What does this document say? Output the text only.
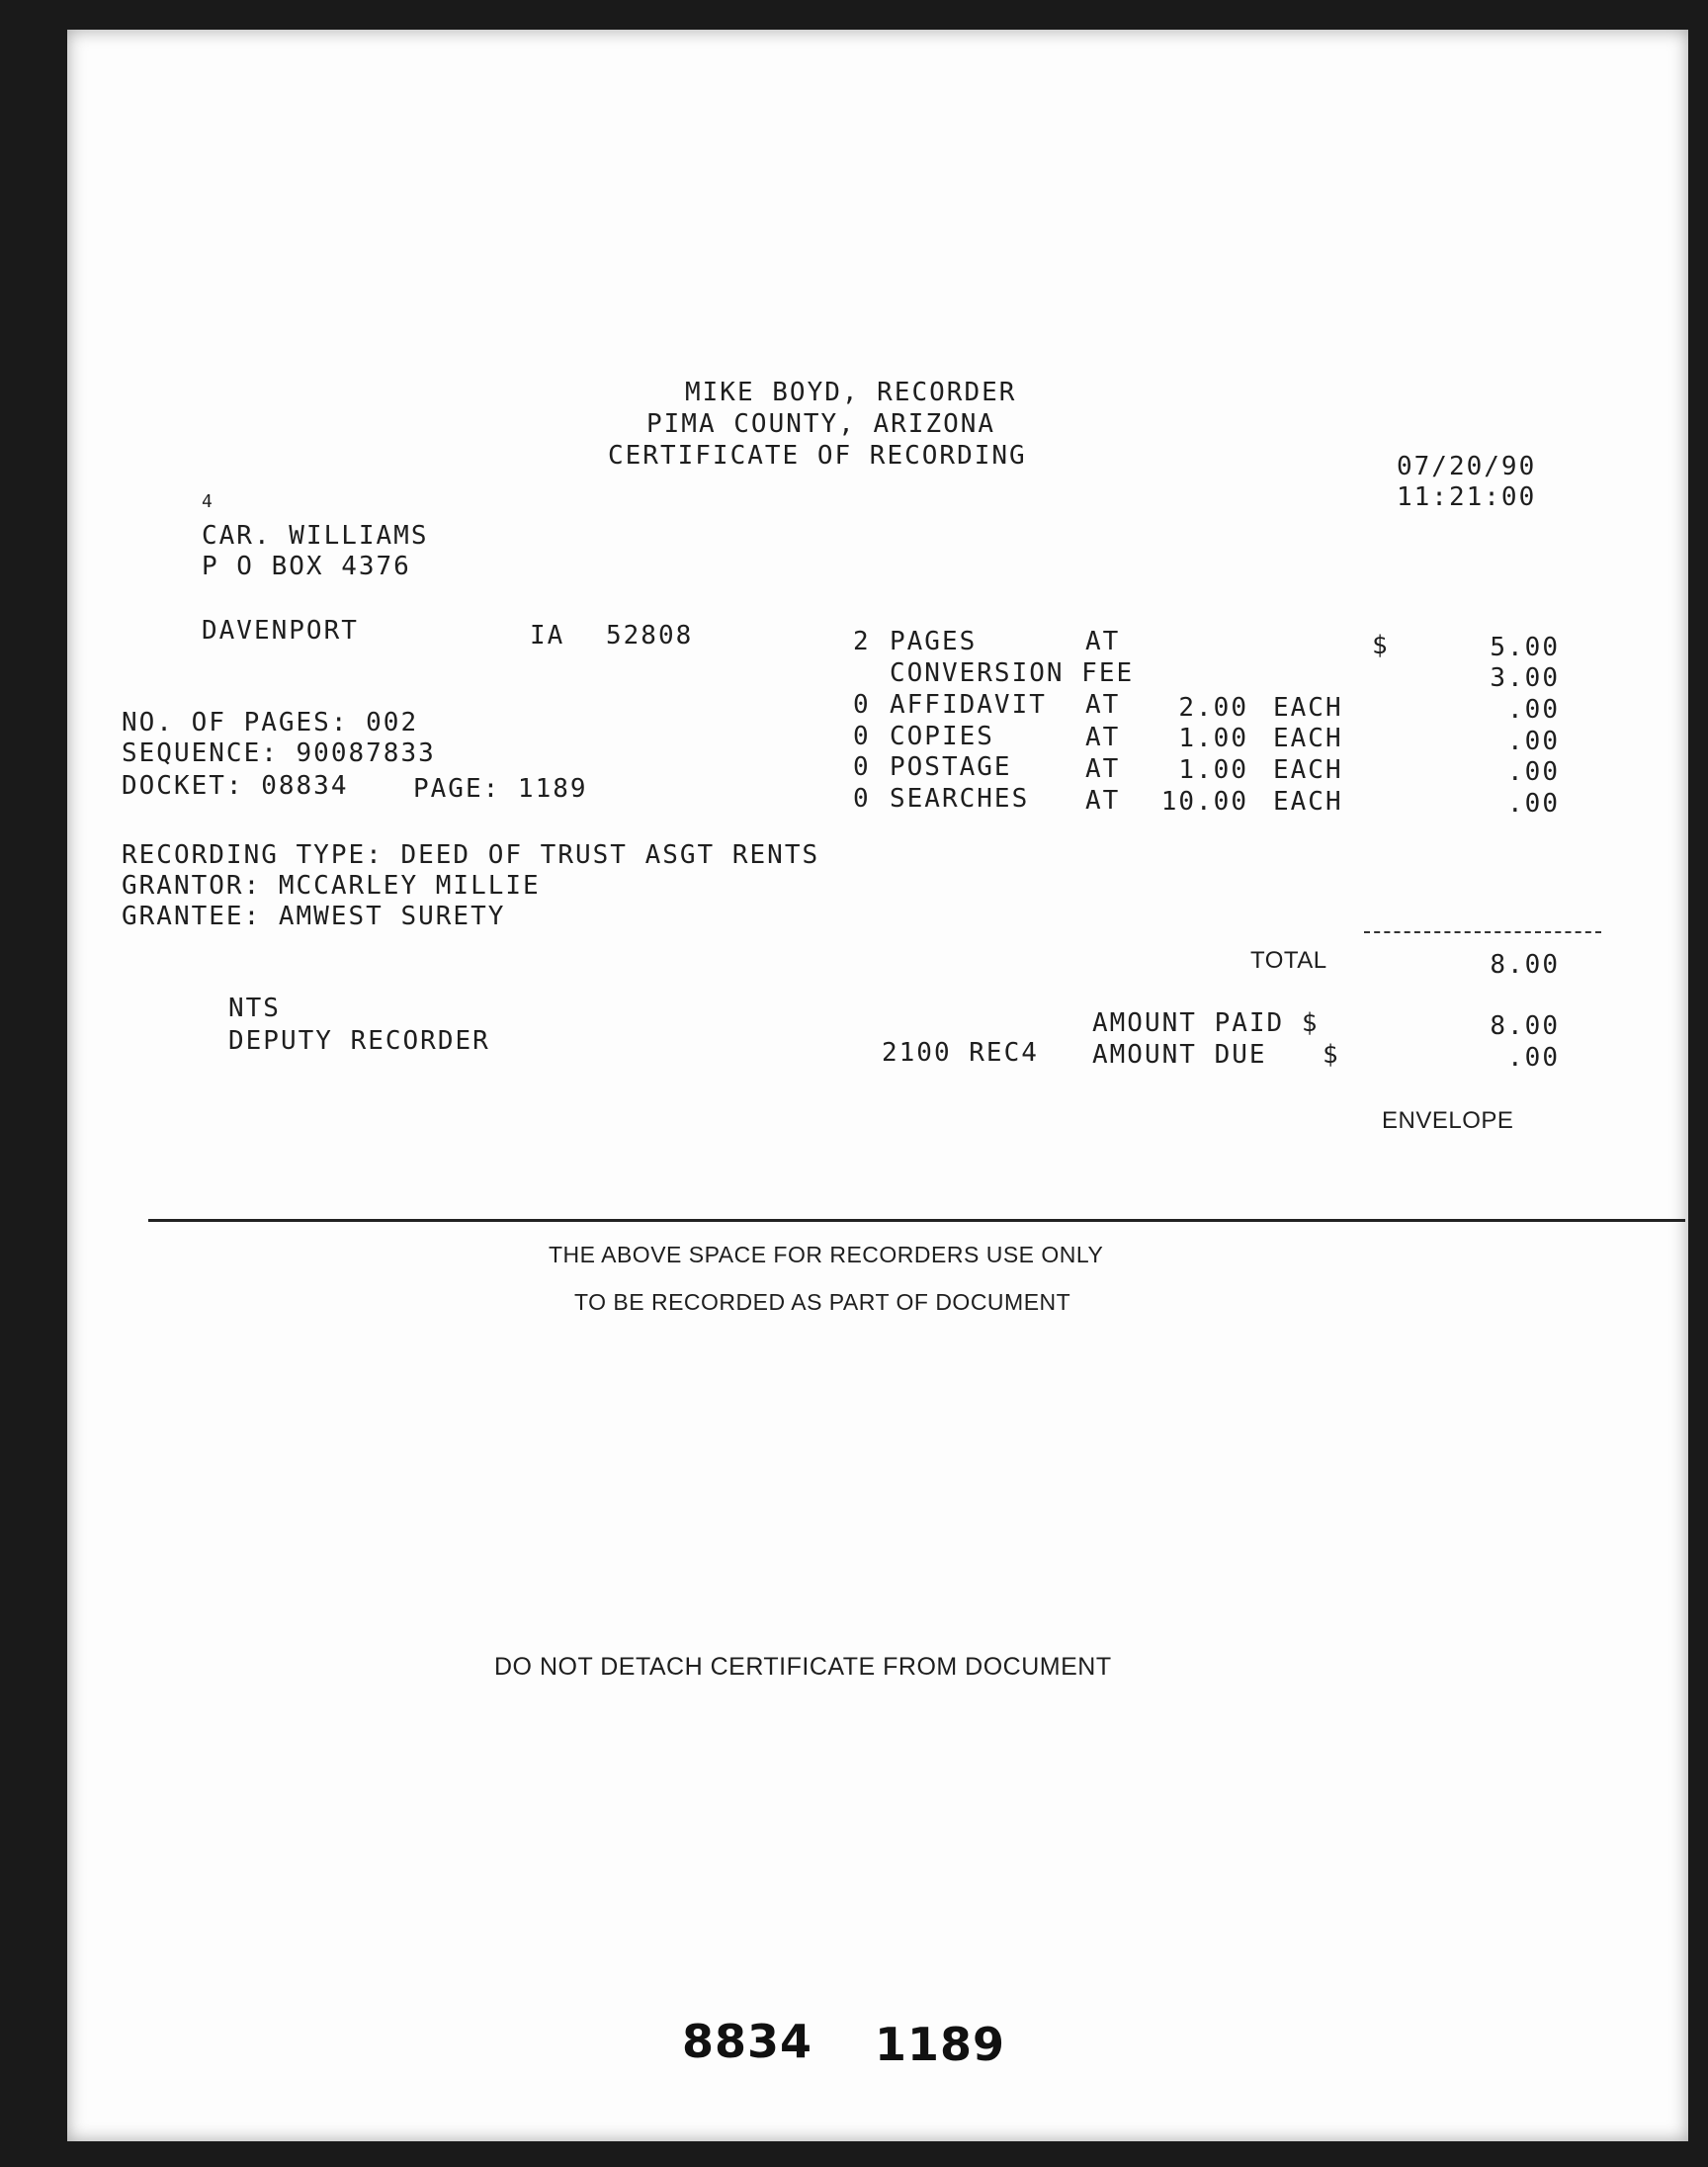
MIKE BOYD, RECORDER
PIMA COUNTY, ARIZONA
CERTIFICATE OF RECORDING	07/20/90
11:21:00
4
CAR. WILLIAMS
P O BOX 4376
DAVENPORT	IA 52808
NO. OF PAGES: 002
SEQUENCE: 90087833
DOCKET: 08834	PAGE: 1189
2 PAGES	AT	$	5.00
CONVERSION FEE	3.00
0 AFFIDAVIT AT	2.00 EACH	.00
0 COPIES	AT	1.00 EACH	.00
0 POSTAGE	AT	1.00 EACH	.00
0 SEARCHES AT	10.00 EACH	.00
RECORDING TYPE: DEED OF TRUST ASGT RENTS
GRANTOR: MCCARLEY MILLIE
GRANTEE: AMWEST SURETY
TOTAL	8.00
NTS
DEPUTY RECORDER
AMOUNT PAID $	8.00
2100 REC4 AMOUNT DUE $	.00
ENVELOPE
THE ABOVE SPACE FOR RECORDERS USE ONLY
TO BE RECORDED AS PART OF DOCUMENT
DO NOT DETACH CERTIFICATE FROM DOCUMENT
8834 1189
